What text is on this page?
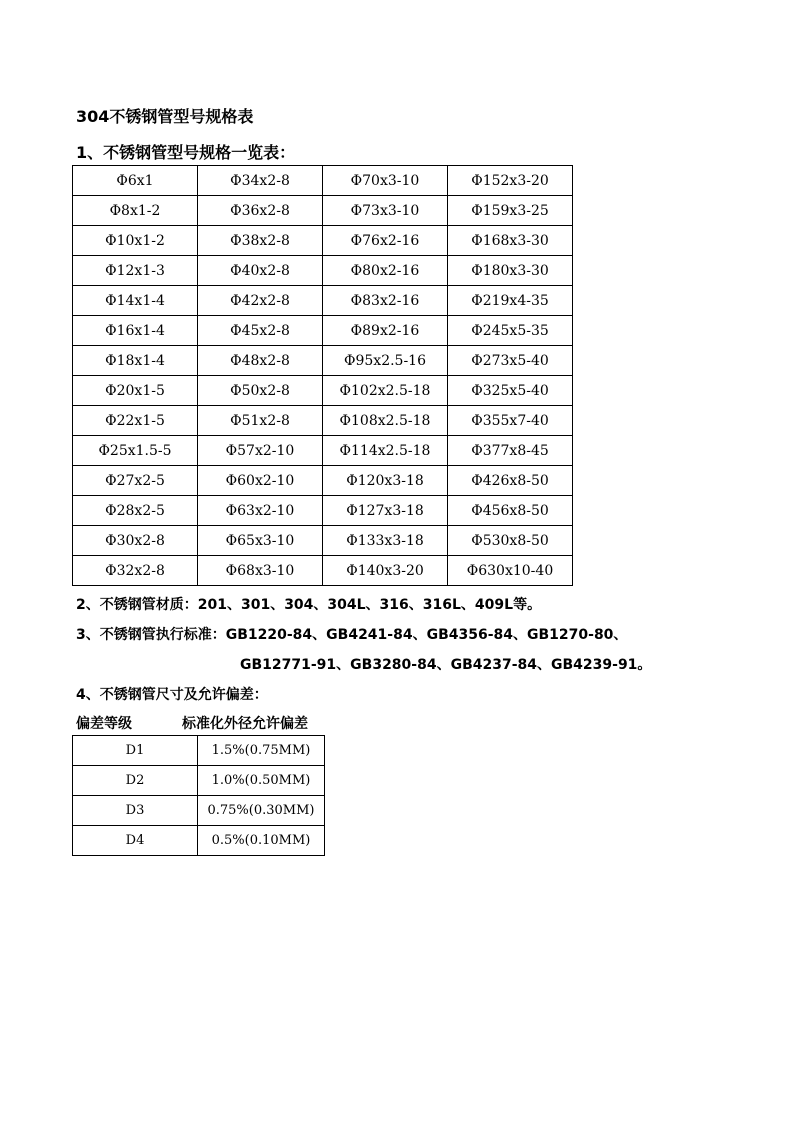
304不锈钢管型号规格表
1、不锈钢管型号规格一览表：
Φ6x1	Φ34x2-8	Φ70x3-10	Φ152x3-20
Φ8x1-2	Φ36x2-8	Φ73x3-10	Φ159x3-25
Φ10x1-2	Φ38x2-8	Φ76x2-16	Φ168x3-30
Φ12x1-3	Φ40x2-8	Φ80x2-16	Φ180x3-30
Φ14x1-4	Φ42x2-8	Φ83x2-16	Φ219x4-35
Φ16x1-4	Φ45x2-8	Φ89x2-16	Φ245x5-35
Φ18x1-4	Φ48x2-8	Φ95x2.5-16	Φ273x5-40
Φ20x1-5	Φ50x2-8	Φ102x2.5-18	Φ325x5-40
Φ22x1-5	Φ51x2-8	Φ108x2.5-18	Φ355x7-40
Φ25x1.5-5	Φ57x2-10	Φ114x2.5-18	Φ377x8-45
Φ27x2-5	Φ60x2-10	Φ120x3-18	Φ426x8-50
Φ28x2-5	Φ63x2-10	Φ127x3-18	Φ456x8-50
Φ30x2-8	Φ65x3-10	Φ133x3-18	Φ530x8-50
Φ32x2-8	Φ68x3-10	Φ140x3-20	Φ630x10-40
2、不锈钢管材质：201、301、304、304L、316、316L、409L等。
3、不锈钢管执行标准：GB1220-84、GB4241-84、GB4356-84、GB1270-80、
GB12771-91、GB3280-84、GB4237-84、GB4239-91。
4、不锈钢管尺寸及允许偏差：
偏差等级	标准化外径允许偏差
D1	1.5%(0.75MM)
D2	1.0%(0.50MM)
D3	0.75%(0.30MM)
D4	0.5%(0.10MM)
